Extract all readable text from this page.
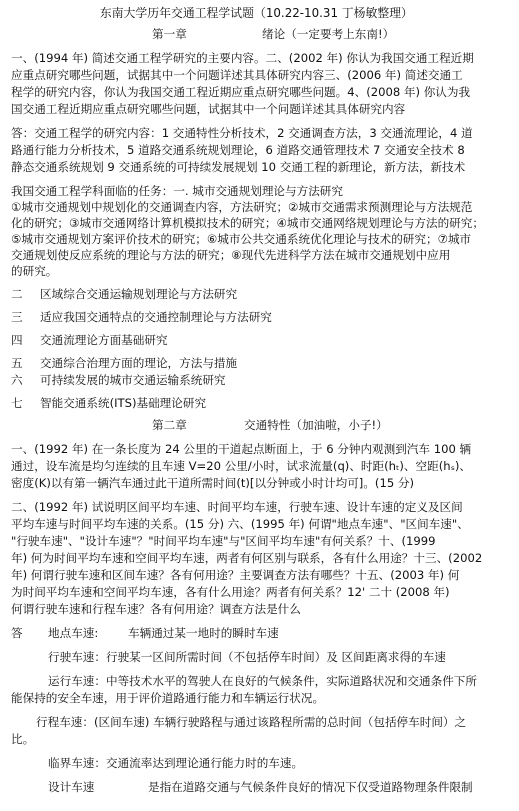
东南大学历年交通工程学试题（10.22-10.31 丁杨敏整理）
第一章	绪论（一定要考上东南!）
一、(1994 年) 简述交通工程学研究的主要内容。二、(2002 年) 你认为我国交通工程近期
应重点研究哪些问题，试据其中一个问题详述其具体研究内容三、(2006 年) 简述交通工
程学的研究内容，你认为我国交通工程近期应重点研究哪些问题。4、(2008 年) 你认为我
国交通工程近期应重点研究哪些问题，试据其中一个问题详述其具体研究内容
答：交通工程学的研究内容：1 交通特性分析技术，2 交通调查方法，3 交通流理论，4 道
路通行能力分析技术，5 道路交通系统规划理论，6 道路交通管理技术 7 交通安全技术 8
静态交通系统规划 9 交通系统的可持续发展规划 10 交通工程的新理论，新方法，新技术
我国交通工程学科面临的任务：一. 城市交通规划理论与方法研究
①城市交通规划中规划化的交通调查内容，方法研究；②城市交通需求预测理论与方法规范
化的研究；③城市交通网络计算机模拟技术的研究；④城市交通网络规划理论与方法的研究；
⑤城市交通规划方案评价技术的研究；⑥城市公共交通系统优化理论与技术的研究；⑦城市
交通规划使反应系统的理论与方法的研究；⑧现代先进科学方法在城市交通规划中应用
的研究。
二 区域综合交通运输规划理论与方法研究
三 适应我国交通特点的交通控制理论与方法研究
四 交通流理论方面基础研究
五 交通综合治理方面的理论，方法与措施
六 可持续发展的城市交通运输系统研究
七 智能交通系统(ITS)基础理论研究
第二章	交通特性（加油啦，小子!）
一、(1992 年) 在一条长度为 24 公里的干道起点断面上，于 6 分钟内观测到汽车 100 辆
通过，设车流是均匀连续的且车速 V=20 公里/小时，试求流量(q)、时距(hₜ)、空距(hₛ)、
密度(K)以有第一辆汽车通过此干道所需时间(t)[以分钟或小时计均可]。(15 分)
二、(1992 年) 试说明区间平均车速、时间平均车速，行驶车速、设计车速的定义及区间
平均车速与时间平均车速的关系。(15 分) 六、(1995 年) 何谓"地点车速"、"区间车速"、
"行驶车速"、"设计车速"？"时间平均车速"与"区间平均车速"有何关系？十、(1999
年) 何为时间平均车速和空间平均车速，两者有何区别与联系，各有什么用途？十三、(2002
年) 何谓行驶车速和区间车速？各有何用途？主要调查方法有哪些？十五、(2003 年) 何
为时间平均车速和空间平均车速，各有什么用途？两者有何关系？12' 二十 (2008 年)
何谓行驶车速和行程车速？各有何用途？调查方法是什么
答 地点车速:	车辆通过某一地时的瞬时车速
行驶车速：行驶某一区间所需时间（不包括停车时间）及 区间距离求得的车速
运行车速：中等技术水平的驾驶人在良好的气候条件，实际道路状况和交通条件下所
能保持的安全车速，用于评价道路通行能力和车辆运行状况。
行程车速：(区间车速) 车辆行驶路程与通过该路程所需的总时间（包括停车时间）之
比。
临界车速：交通流率达到理论通行能力时的车速。
设计车速	是指在道路交通与气候条件良好的情况下仅受道路物理条件限制
